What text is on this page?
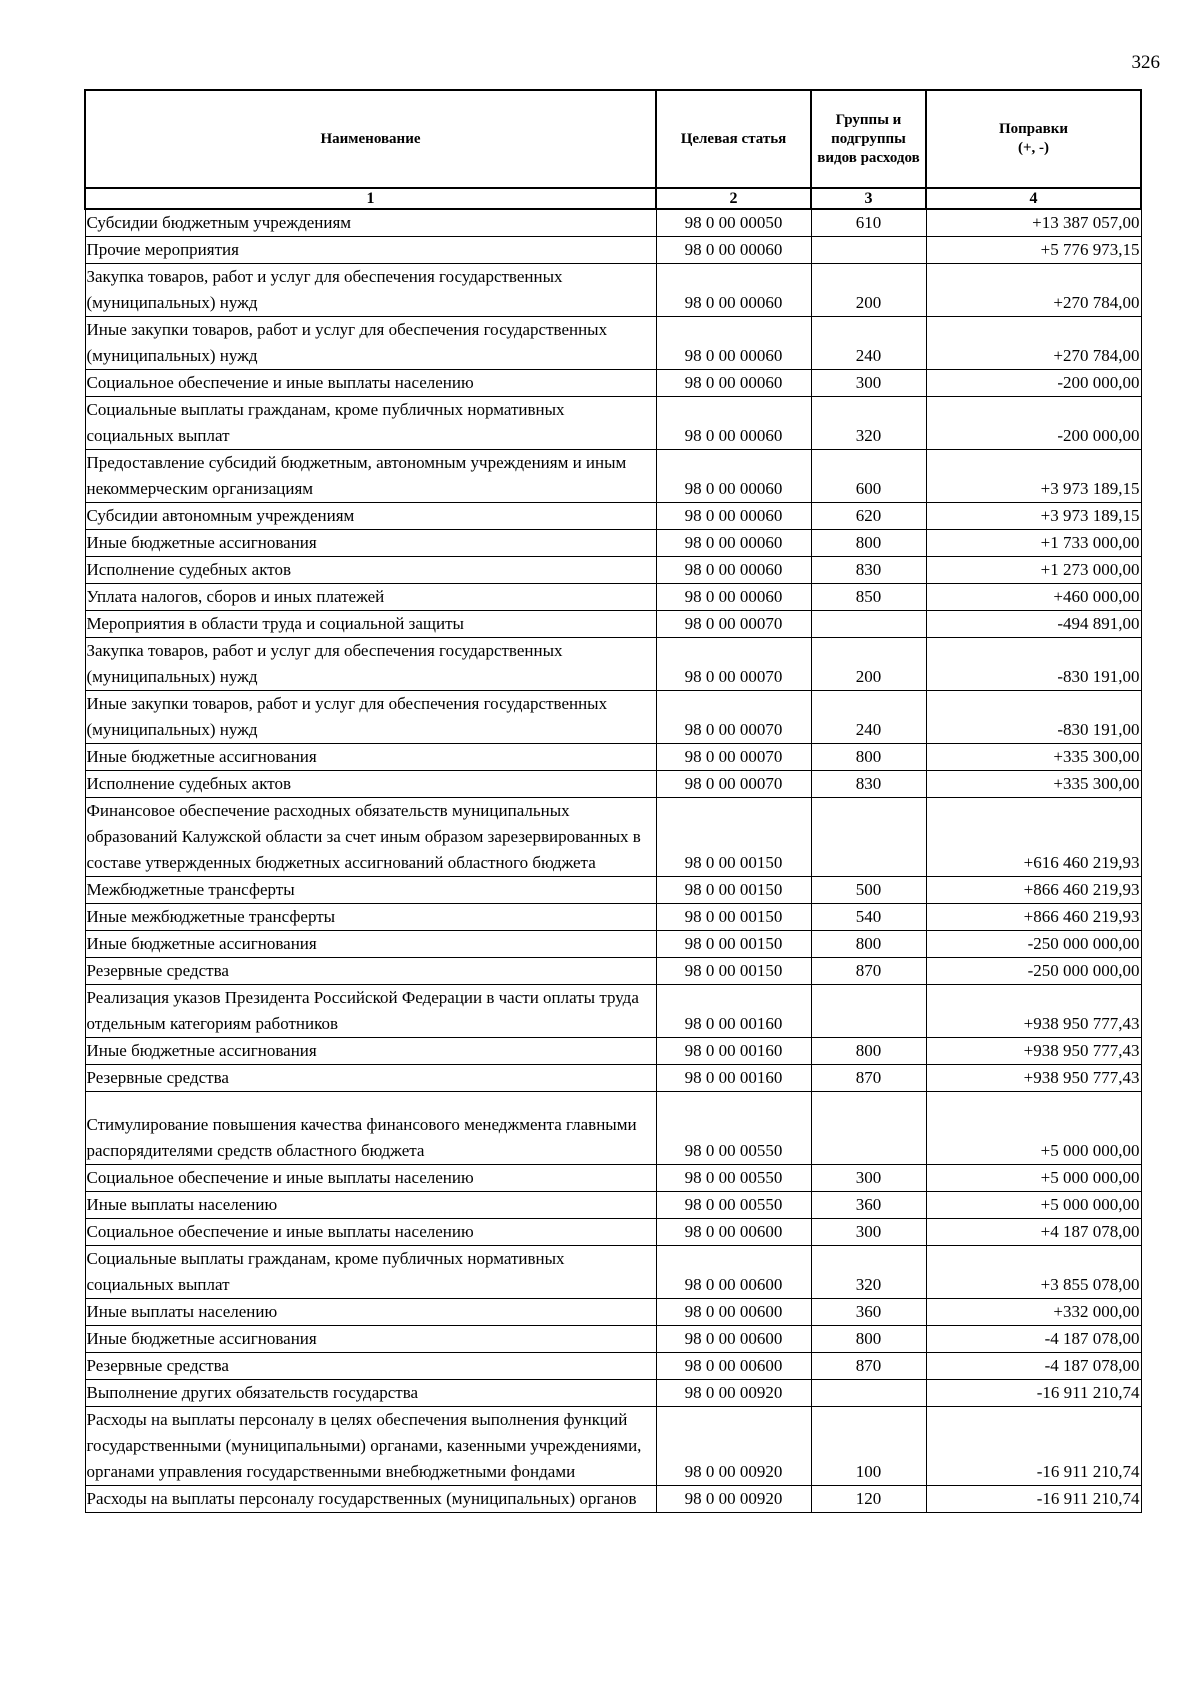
326
Наименование	Целевая статья	Группы и подгруппы видов расходов	Поправки
(+, -)

1	2	3	4
Субсидии бюджетным учреждениям	98 0 00 00050	610	+13 387 057,00
Прочие мероприятия	98 0 00 00060		+5 776 973,15
Закупка товаров, работ и услуг для обеспечения государственных (муниципальных) нужд	98 0 00 00060	200	+270 784,00
Иные закупки товаров, работ и услуг для обеспечения государственных (муниципальных) нужд	98 0 00 00060	240	+270 784,00
Социальное обеспечение и иные выплаты населению	98 0 00 00060	300	-200 000,00
Социальные выплаты гражданам, кроме публичных нормативных социальных выплат	98 0 00 00060	320	-200 000,00
Предоставление субсидий бюджетным, автономным учреждениям и иным некоммерческим организациям	98 0 00 00060	600	+3 973 189,15
Субсидии автономным учреждениям	98 0 00 00060	620	+3 973 189,15
Иные бюджетные ассигнования	98 0 00 00060	800	+1 733 000,00
Исполнение судебных актов	98 0 00 00060	830	+1 273 000,00
Уплата налогов, сборов и иных платежей	98 0 00 00060	850	+460 000,00
Мероприятия в области труда и социальной защиты	98 0 00 00070		-494 891,00
Закупка товаров, работ и услуг для обеспечения государственных (муниципальных) нужд	98 0 00 00070	200	-830 191,00
Иные закупки товаров, работ и услуг для обеспечения государственных (муниципальных) нужд	98 0 00 00070	240	-830 191,00
Иные бюджетные ассигнования	98 0 00 00070	800	+335 300,00
Исполнение судебных актов	98 0 00 00070	830	+335 300,00
Финансовое обеспечение расходных обязательств муниципальных образований Калужской области за счет иным образом зарезервированных в составе утвержденных бюджетных ассигнований областного бюджета	98 0 00 00150		+616 460 219,93
Межбюджетные трансферты	98 0 00 00150	500	+866 460 219,93
Иные межбюджетные трансферты	98 0 00 00150	540	+866 460 219,93
Иные бюджетные ассигнования	98 0 00 00150	800	-250 000 000,00
Резервные средства	98 0 00 00150	870	-250 000 000,00
Реализация указов Президента Российской Федерации в части оплаты труда отдельным категориям работников	98 0 00 00160		+938 950 777,43
Иные бюджетные ассигнования	98 0 00 00160	800	+938 950 777,43
Резервные средства	98 0 00 00160	870	+938 950 777,43
Стимулирование повышения качества финансового менеджмента главными распорядителями средств областного бюджета	98 0 00 00550		+5 000 000,00
Социальное обеспечение и иные выплаты населению	98 0 00 00550	300	+5 000 000,00
Иные выплаты населению	98 0 00 00550	360	+5 000 000,00
Социальное обеспечение и иные выплаты населению	98 0 00 00600	300	+4 187 078,00
Социальные выплаты гражданам, кроме публичных нормативных социальных выплат	98 0 00 00600	320	+3 855 078,00
Иные выплаты населению	98 0 00 00600	360	+332 000,00
Иные бюджетные ассигнования	98 0 00 00600	800	-4 187 078,00
Резервные средства	98 0 00 00600	870	-4 187 078,00
Выполнение других обязательств государства	98 0 00 00920		-16 911 210,74
Расходы на выплаты персоналу в целях обеспечения выполнения функций государственными (муниципальными) органами, казенными учреждениями, органами управления государственными внебюджетными фондами	98 0 00 00920	100	-16 911 210,74
Расходы на выплаты персоналу государственных (муниципальных) органов	98 0 00 00920	120	-16 911 210,74
